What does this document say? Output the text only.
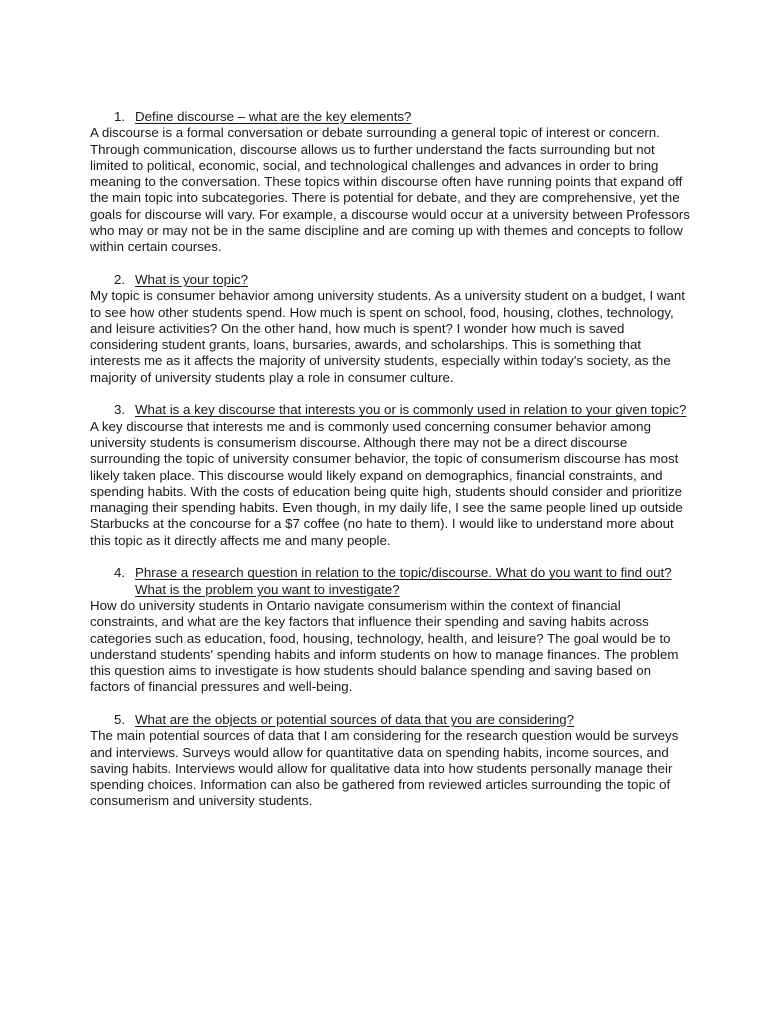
1. Define discourse – what are the key elements?

A discourse is a formal conversation or debate surrounding a general topic of interest or concern. Through communication, discourse allows us to further understand the facts surrounding but not limited to political, economic, social, and technological challenges and advances in order to bring meaning to the conversation. These topics within discourse often have running points that expand off the main topic into subcategories. There is potential for debate, and they are comprehensive, yet the goals for discourse will vary. For example, a discourse would occur at a university between Professors who may or may not be in the same discipline and are coming up with themes and concepts to follow within certain courses.

2. What is your topic?

My topic is consumer behavior among university students. As a university student on a budget, I want to see how other students spend. How much is spent on school, food, housing, clothes, technology, and leisure activities? On the other hand, how much is spent? I wonder how much is saved considering student grants, loans, bursaries, awards, and scholarships. This is something that interests me as it affects the majority of university students, especially within today's society, as the majority of university students play a role in consumer culture.

3. What is a key discourse that interests you or is commonly used in relation to your given topic?

A key discourse that interests me and is commonly used concerning consumer behavior among university students is consumerism discourse. Although there may not be a direct discourse surrounding the topic of university consumer behavior, the topic of consumerism discourse has most likely taken place. This discourse would likely expand on demographics, financial constraints, and spending habits. With the costs of education being quite high, students should consider and prioritize managing their spending habits. Even though, in my daily life, I see the same people lined up outside Starbucks at the concourse for a $7 coffee (no hate to them). I would like to understand more about this topic as it directly affects me and many people.

4. Phrase a research question in relation to the topic/discourse. What do you want to find out? What is the problem you want to investigate?

How do university students in Ontario navigate consumerism within the context of financial constraints, and what are the key factors that influence their spending and saving habits across categories such as education, food, housing, technology, health, and leisure? The goal would be to understand students' spending habits and inform students on how to manage finances. The problem this question aims to investigate is how students should balance spending and saving based on factors of financial pressures and well-being.

5. What are the objects or potential sources of data that you are considering?

The main potential sources of data that I am considering for the research question would be surveys and interviews. Surveys would allow for quantitative data on spending habits, income sources, and saving habits. Interviews would allow for qualitative data into how students personally manage their spending choices. Information can also be gathered from reviewed articles surrounding the topic of consumerism and university students.
